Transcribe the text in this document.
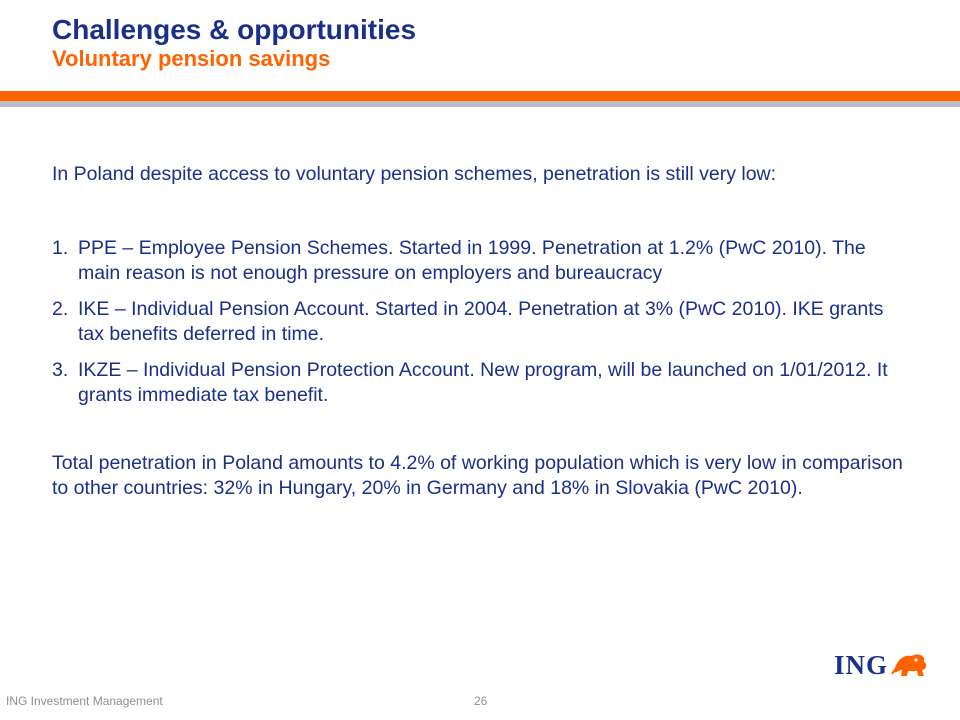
Challenges & opportunities
Voluntary pension savings

In Poland despite access to voluntary pension schemes, penetration is still very low:

1. PPE – Employee Pension Schemes. Started in 1999. Penetration at 1.2% (PwC 2010). The main reason is not enough pressure on employers and bureaucracy
2. IKE – Individual Pension Account. Started in 2004. Penetration at 3% (PwC 2010). IKE grants tax benefits deferred in time.
3. IKZE – Individual Pension Protection Account. New program, will be launched on 1/01/2012. It grants immediate tax benefit.

Total penetration in Poland amounts to 4.2% of working population which is very low in comparison to other countries: 32% in Hungary, 20% in Germany and 18% in Slovakia (PwC 2010).

ING
ING Investment Management	26
